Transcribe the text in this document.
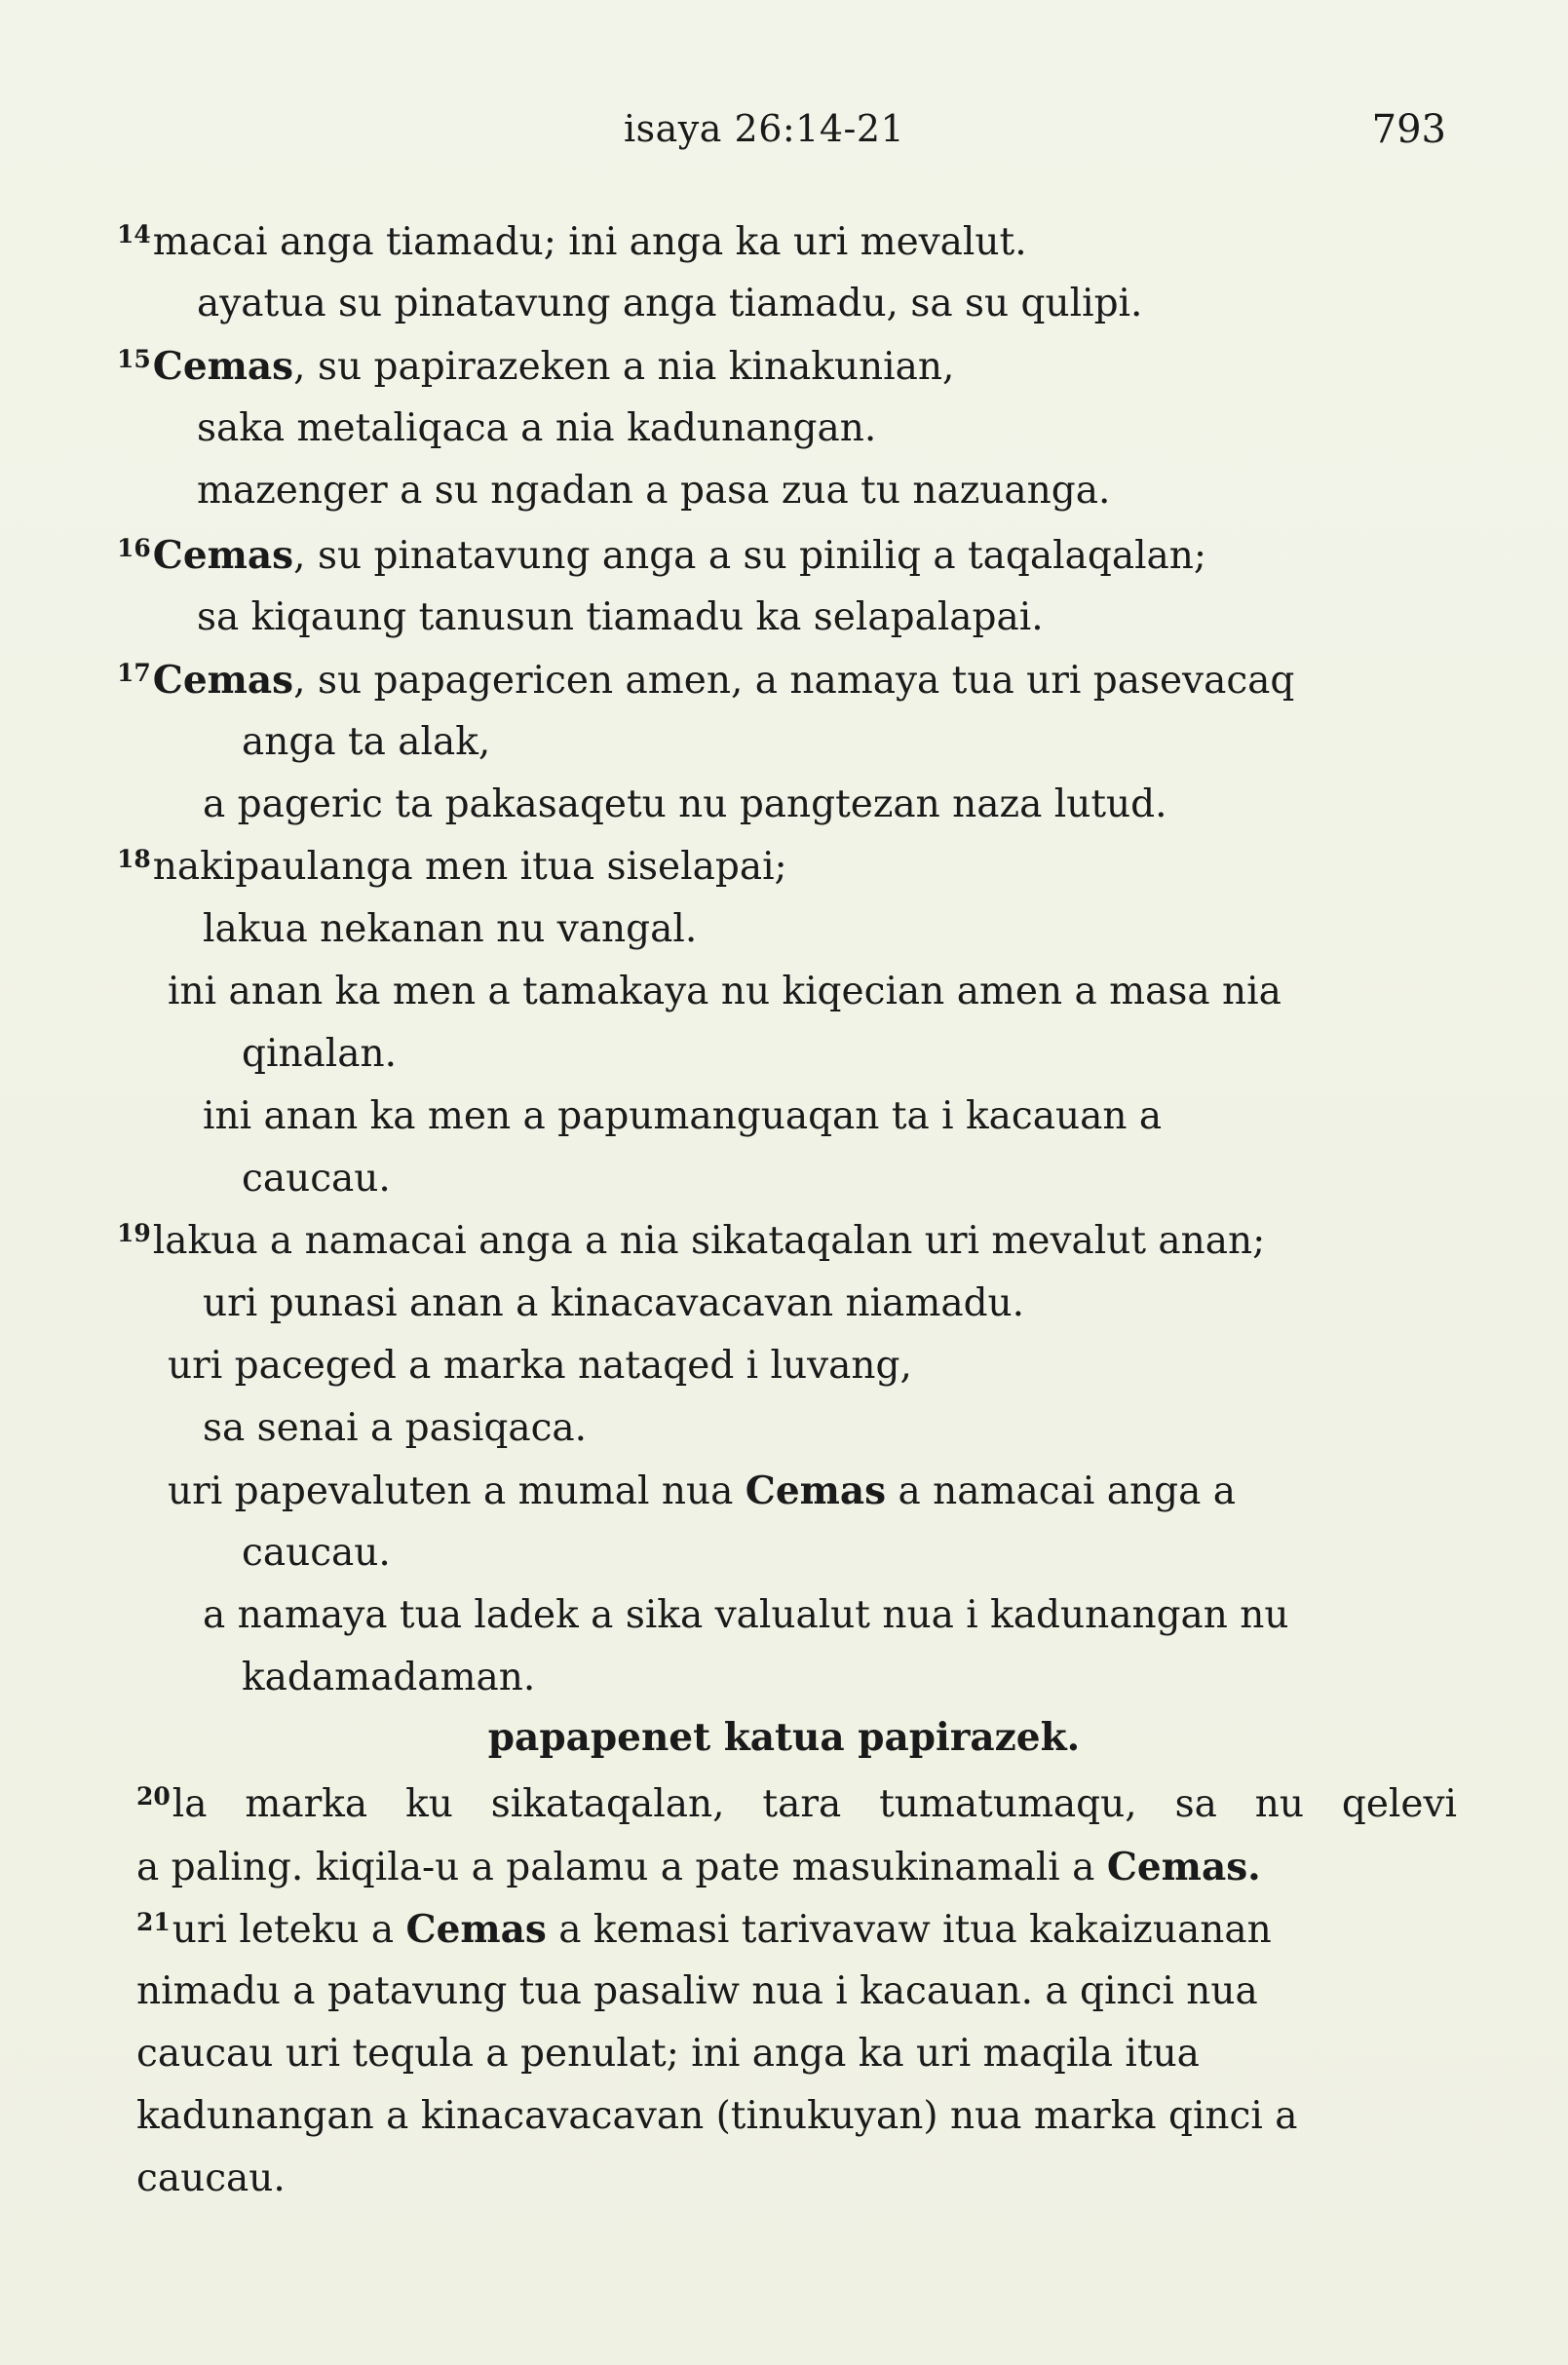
isaya 26:14-21	793
$^{14}$macai anga tiamadu; ini anga ka uri mevalut.
ayatua su pinatavung anga tiamadu, sa su qulipi.
$^{15}$Cemas, su papirazeken a nia kinakunian,
saka metaliqaca a nia kadunangan.
mazenger a su ngadan a pasa zua tu nazuanga.
$^{16}$Cemas, su pinatavung anga a su piniliq a taqalaqalan;
sa kiqaung tanusun tiamadu ka selapalapai.
$^{17}$Cemas, su papagericen amen, a namaya tua uri pasevacaq
anga ta alak,
a pageric ta pakasaqetu nu pangtezan naza lutud.
$^{18}$nakipaulanga men itua siselapai;
lakua nekanan nu vangal.
ini anan ka men a tamakaya nu kiqecian amen a masa nia
qinalan.
ini anan ka men a papumanguaqan ta i kacauan a
caucau.
$^{19}$lakua a namacai anga a nia sikataqalan uri mevalut anan;
uri punasi anan a kinacavacavan niamadu.
uri paceged a marka nataqed i luvang,
sa senai a pasiqaca.
uri papevaluten a mumal nua Cemas a namacai anga a
caucau.
a namaya tua ladek a sika valualut nua i kadunangan nu
kadamadaman.
papapenet katua papirazek.
$^{20}$la marka ku sikataqalan, tara tumatumaqu, sa nu qelevi
a paling. kiqila-u a palamu a pate masukinamali a Cemas.
$^{21}$uri leteku a Cemas a kemasi tarivavaw itua kakaizuanan
nimadu a patavung tua pasaliw nua i kacauan. a qinci nua
caucau uri tequla a penulat; ini anga ka uri maqila itua
kadunangan a kinacavacavan (tinukuyan) nua marka qinci a
caucau.
